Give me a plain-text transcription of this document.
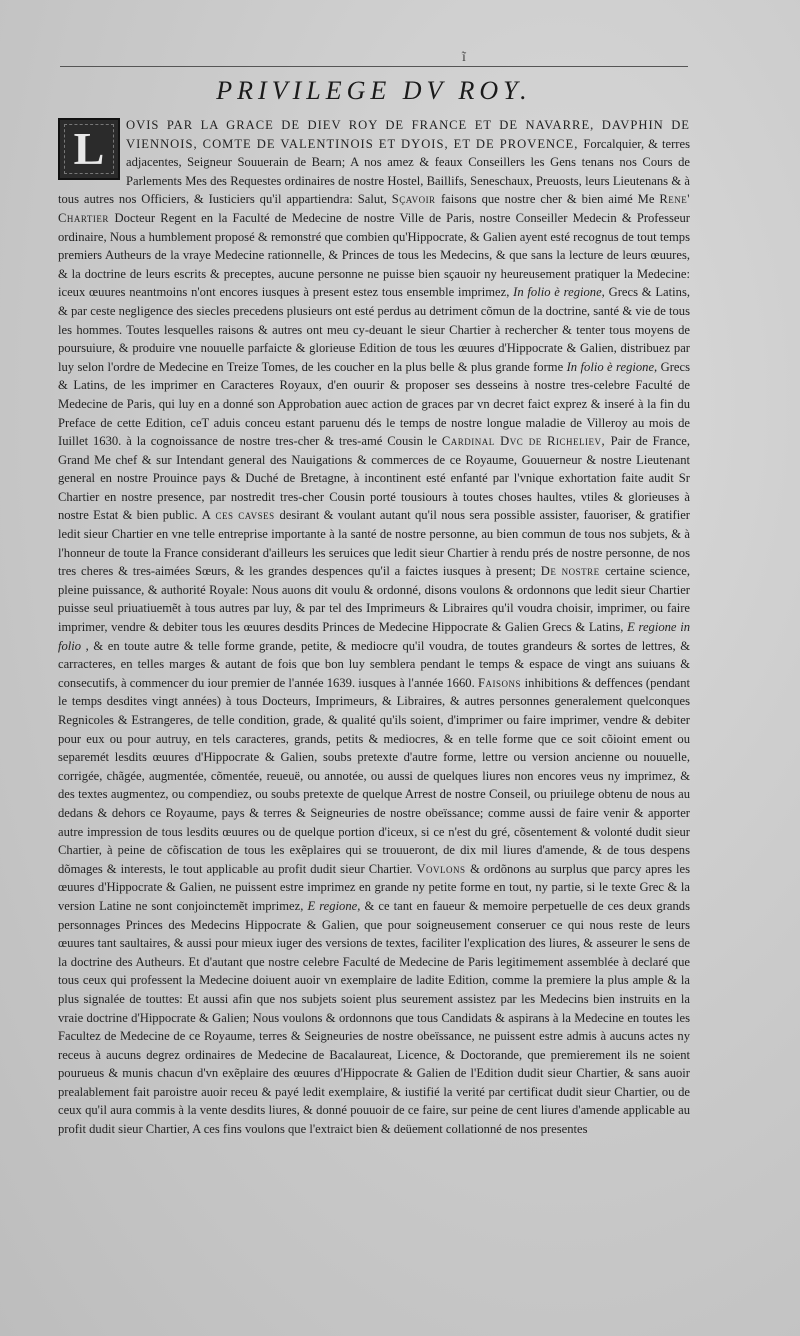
ĩ
PRIVILEGE DV ROY.
L	OVIS PAR LA GRACE DE DIEV ROY DE FRANCE ET DE NAVARRE, DAVPHIN DE VIENNOIS, COMTE DE VALENTINOIS ET DYOIS, ET DE PROVENCE, Forcalquier, & terres adjacentes, Seigneur Souuerain de Bearn; A nos amez & feaux Conseillers les Gens tenans nos Cours de Parlements Mes des Requestes ordinaires de nostre Hostel, Baillifs, Seneschaux, Preuosts, leurs Lieutenans & à tous autres nos Officiers, & Iusticiers qu'il appartiendra: Salut, Sçavoir faisons que nostre cher & bien aimé Me Rene' Chartier Docteur Regent en la Faculté de Medecine de nostre Ville de Paris, nostre Conseiller Medecin & Professeur ordinaire, Nous a humblement proposé & remonstré que combien qu'Hippocrate, & Galien ayent esté recognus de tout temps premiers Autheurs de la vraye Medecine rationnelle, & Princes de tous les Medecins, & que sans la lecture de leurs œuures, & la doctrine de leurs escrits & preceptes, aucune personne ne puisse bien sçauoir ny heureusement pratiquer la Medecine: iceux œuures neantmoins n'ont encores iusques à present estez tous ensemble imprimez, In folio è regione, Grecs & Latins, & par ceste negligence des siecles precedens plusieurs ont esté perdus au detriment cõmun de la doctrine, santé & vie de tous les hommes. Toutes lesquelles raisons & autres ont meu cy-deuant le sieur Chartier à rechercher & tenter tous moyens de poursuiure, & produire vne nouuelle parfaicte & glorieuse Edition de tous les œuures d'Hippocrate & Galien, distribuez par luy selon l'ordre de Medecine en Treize Tomes, de les coucher en la plus belle & plus grande forme In folio è regione, Grecs & Latins, de les imprimer en Caracteres Royaux, d'en ouurir & proposer ses desseins à nostre tres-celebre Faculté de Medecine de Paris, qui luy en a donné son Approbation auec action de graces par vn decret faict exprez & inseré à la fin du Preface de cette Edition, ceT aduis conceu estant paruenu dés le temps de nostre longue maladie de Villeroy au mois de Iuillet 1630. à la cognoissance de nostre tres-cher & tres-amé Cousin le Cardinal Dvc de Richeliev, Pair de France, Grand Me chef & sur Intendant general des Nauigations & commerces de ce Royaume, Gouuerneur & nostre Lieutenant general en nostre Prouince pays & Duché de Bretagne, à incontinent esté enfanté par l'vnique exhortation faite audit Sr Chartier en nostre presence, par nostredit tres-cher Cousin porté tousiours à toutes choses haultes, vtiles & glorieuses à nostre Estat & bien public. A ces cavses desirant & voulant autant qu'il nous sera possible assister, fauoriser, & gratifier ledit sieur Chartier en vne telle entreprise importante à la santé de nostre personne, au bien commun de tous nos subjets, & à l'honneur de toute la France considerant d'ailleurs les seruices que ledit sieur Chartier à rendu prés de nostre personne, de nos tres cheres & tres-aimées Sœurs, & les grandes despences qu'il a faictes iusques à present; De nostre certaine science, pleine puissance, & authorité Royale: Nous auons dit voulu & ordonné, disons voulons & ordonnons que ledit sieur Chartier puisse seul priuatiuemẽt à tous autres par luy, & par tel des Imprimeurs & Libraires qu'il voudra choisir, imprimer, ou faire imprimer, vendre & debiter tous les œuures desdits Princes de Medecine Hippocrate & Galien Grecs & Latins, E regione in folio , & en toute autre & telle forme grande, petite, & mediocre qu'il voudra, de toutes grandeurs & sortes de lettres, & carracteres, en telles marges & autant de fois que bon luy semblera pendant le temps & espace de vingt ans suiuans & consecutifs, à commencer du iour premier de l'année 1639. iusques à l'année 1660. Faisons inhibitions & deffences (pendant le temps desdites vingt années) à tous Docteurs, Imprimeurs, & Libraires, & autres personnes generalement quelconques Regnicoles & Estrangeres, de telle condition, grade, & qualité qu'ils soient, d'imprimer ou faire imprimer, vendre & debiter pour eux ou pour autruy, en tels caracteres, grands, petits & mediocres, & en telle forme que ce soit cõioint ement ou separemét lesdits œuures d'Hippocrate & Galien, soubs pretexte d'autre forme, lettre ou version ancienne ou nouuelle, corrigée, chãgée, augmentée, cõmentée, reueuë, ou annotée, ou aussi de quelques liures non encores veus ny imprimez, & des textes augmentez, ou compendiez, ou soubs pretexte de quelque Arrest de nostre Conseil, ou priuilege obtenu de nous au dedans & dehors ce Royaume, pays & terres & Seigneuries de nostre obeïssance; comme aussi de faire venir & apporter autre impression de tous lesdits œuures ou de quelque portion d'iceux, si ce n'est du gré, cõsentement & volonté dudit sieur Chartier, à peine de cõfiscation de tous les exẽplaires qui se trouueront, de dix mil liures d'amende, & de tous despens dõmages & interests, le tout applicable au profit dudit sieur Chartier. Vovlons & ordõnons au surplus que parcy apres les œuures d'Hippocrate & Galien, ne puissent estre imprimez en grande ny petite forme en tout, ny partie, si le texte Grec & la version Latine ne sont conjoinctemẽt imprimez, E regione, & ce tant en faueur & memoire perpetuelle de ces deux grands personnages Princes des Medecins Hippocrate & Galien, que pour soigneusement conseruer ce qui nous reste de leurs œuures tant saultaires, & aussi pour mieux iuger des versions de textes, faciliter l'explication des liures, & asseurer le sens de la doctrine des Autheurs. Et d'autant que nostre celebre Faculté de Medecine de Paris legitimement assemblée à declaré que tous ceux qui professent la Medecine doiuent auoir vn exemplaire de ladite Edition, comme la premiere la plus ample & la plus signalée de touttes: Et aussi afin que nos subjets soient plus seurement assistez par les Medecins bien instruits en la vraie doctrine d'Hippocrate & Galien; Nous voulons & ordonnons que tous Candidats & aspirans à la Medecine en toutes les Facultez de Medecine de ce Royaume, terres & Seigneuries de nostre obeïssance, ne puissent estre admis à aucuns actes ny receus à aucuns degrez ordinaires de Medecine de Bacalaureat, Licence, & Doctorande, que premierement ils ne soient pourueus & munis chacun d'vn exẽplaire des œuures d'Hippocrate & Galien de l'Edition dudit sieur Chartier, & sans auoir prealablement fait paroistre auoir receu & payé ledit exemplaire, & iustifié la verité par certificat dudit sieur Chartier, ou de ceux qu'il aura commis à la vente desdits liures, & donné pouuoir de ce faire, sur peine de cent liures d'amende applicable au profit dudit sieur Chartier, A ces fins voulons que l'extraict bien & deüement collationné de nos presentes
